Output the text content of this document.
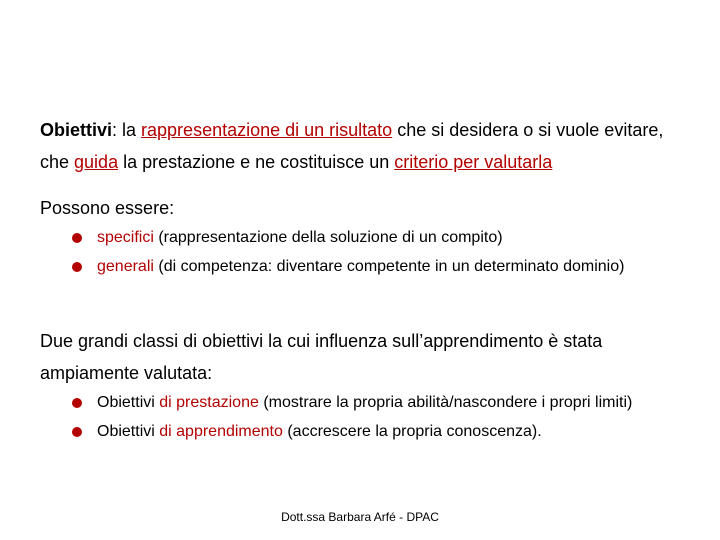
Obiettivi: la rappresentazione di un risultato che si desidera o si vuole evitare, che guida la prestazione e ne costituisce un criterio per valutarla
Possono essere:
specifici (rappresentazione della soluzione di un compito)
generali (di competenza: diventare competente in un determinato dominio)
Due grandi classi di obiettivi la cui influenza sull’apprendimento è stata ampiamente valutata:
Obiettivi di prestazione (mostrare la propria abilità/nascondere i propri limiti)
Obiettivi di apprendimento (accrescere la propria conoscenza).
Dott.ssa Barbara Arfé - DPAC
